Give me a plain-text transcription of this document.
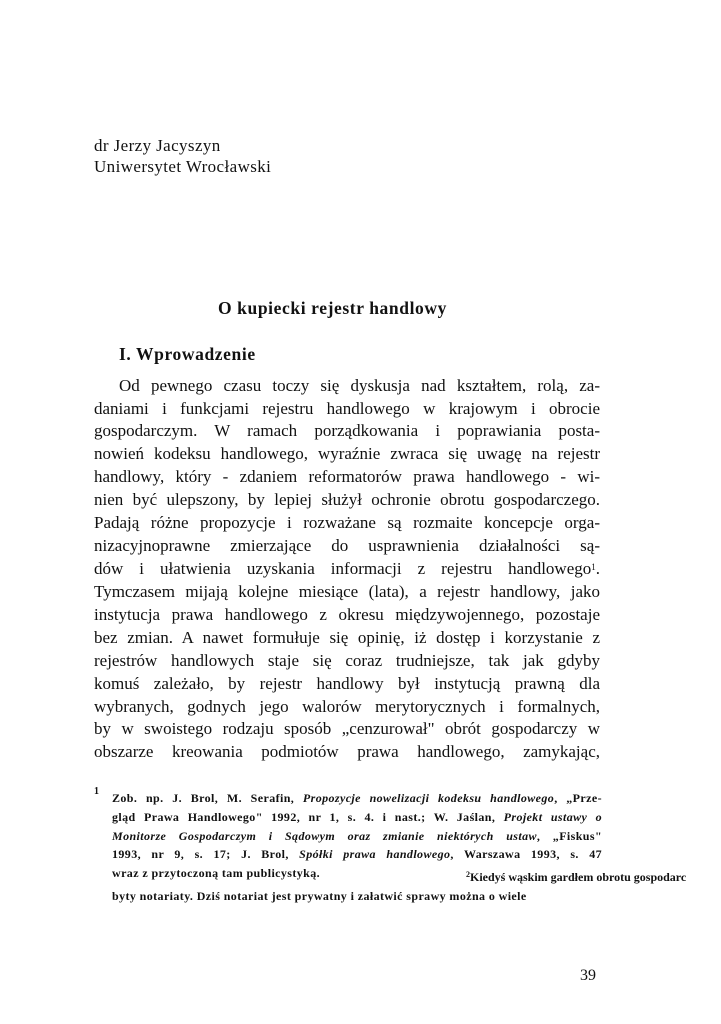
dr Jerzy Jacyszyn
Uniwersytet Wrocławski
O kupiecki rejestr handlowy
I. Wprowadzenie
Od pewnego czasu toczy się dyskusja nad kształtem, rolą, za-
daniami i funkcjami rejestru handlowego w krajowym i obrocie
gospodarczym. W ramach porządkowania i poprawiania posta-
nowień kodeksu handlowego, wyraźnie zwraca się uwagę na rejestr
handlowy, który - zdaniem reformatorów prawa handlowego - wi-
nien być ulepszony, by lepiej służył ochronie obrotu gospodarczego.
Padają różne propozycje i rozważane są rozmaite koncepcje orga-
nizacyjnoprawne zmierzające do usprawnienia działalności są-
dów i ułatwienia uzyskania informacji z rejestru handlowego$^1$.
Tymczasem mijają kolejne miesiące (lata), a rejestr handlowy, jako
instytucja prawa handlowego z okresu międzywojennego, pozostaje
bez zmian. A nawet formułuje się opinię, iż dostęp i korzystanie z
rejestrów handlowych staje się coraz trudniejsze, tak jak gdyby
komuś zależało, by rejestr handlowy był instytucją prawną dla
wybranych, godnych jego walorów merytorycznych i formalnych,
by w swoistego rodzaju sposób „cenzurował" obrót gospodarczy w
obszarze kreowania podmiotów prawa handlowego, zamykając,
1 Zob. np. J. Brol, M. Serafin, Propozycje nowelizacji kodeksu handlowego, „Prze-
gląd Prawa Handlowego" 1992, nr 1, s. 4. i nast.; W. Jaślan, Projekt ustawy o
Monitorze Gospodarczym i Sądowym oraz zmianie niektórych ustaw, „Fiskus"
1993, nr 9, s. 17; J. Brol, Spółki prawa handlowego, Warszawa 1993, s. 47
wraz z przytoczoną tam publicystyką.	$^2$Kiedyś wąskim gardłem obrotu gospodarc
byty notariaty. Dziś notariat jest prywatny i załatwić sprawy można o wiele
39
